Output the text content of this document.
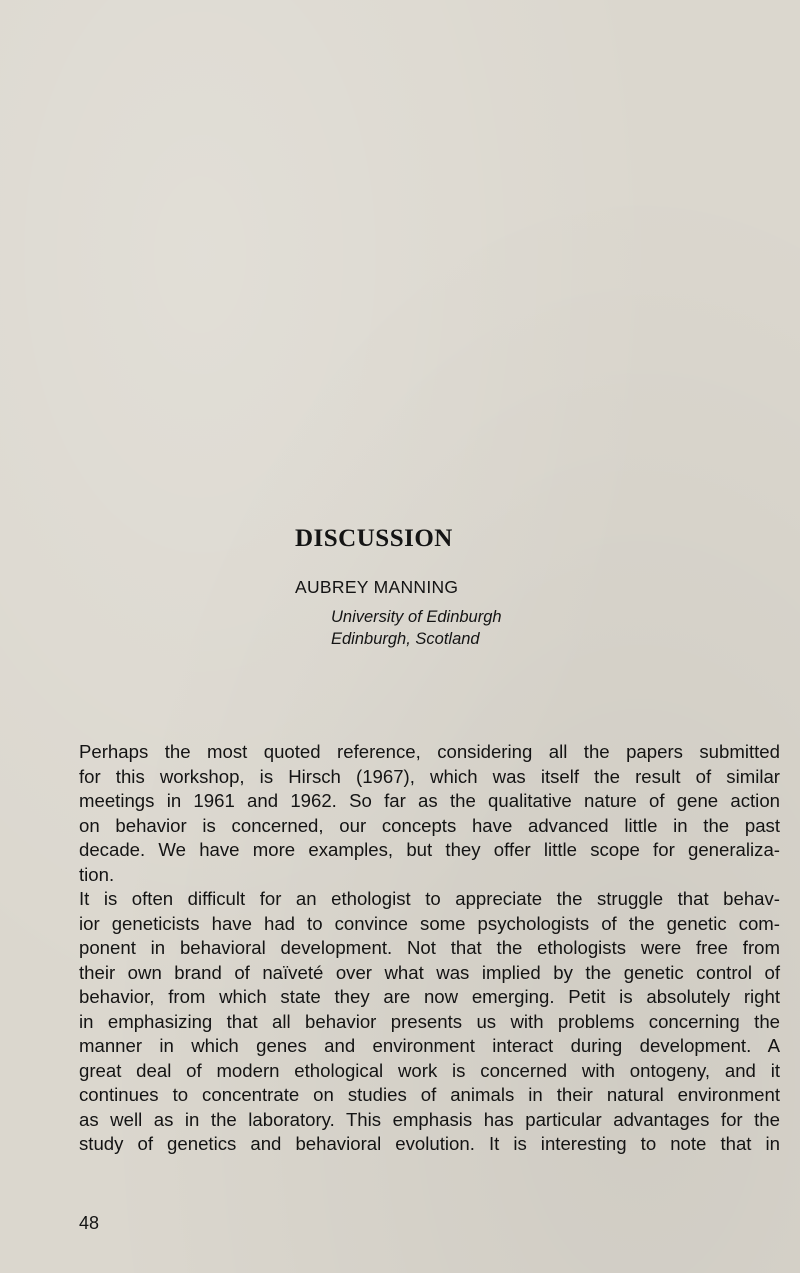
DISCUSSION

AUBREY MANNING

University of Edinburgh

Edinburgh, Scotland

Perhaps the most quoted reference, considering all the papers submitted
for this workshop, is Hirsch (1967), which was itself the result of similar
meetings in 1961 and 1962. So far as the qualitative nature of gene action
on behavior is concerned, our concepts have advanced little in the past
decade. We have more examples, but they offer little scope for generaliza-
tion.

It is often difficult for an ethologist to appreciate the struggle that behav-
ior geneticists have had to convince some psychologists of the genetic com-
ponent in behavioral development. Not that the ethologists were free from
their own brand of naïveté over what was implied by the genetic control of
behavior, from which state they are now emerging. Petit is absolutely right
in emphasizing that all behavior presents us with problems concerning the
manner in which genes and environment interact during development. A
great deal of modern ethological work is concerned with ontogeny, and it
continues to concentrate on studies of animals in their natural environment
as well as in the laboratory. This emphasis has particular advantages for the
study of genetics and behavioral evolution. It is interesting to note that in

48
